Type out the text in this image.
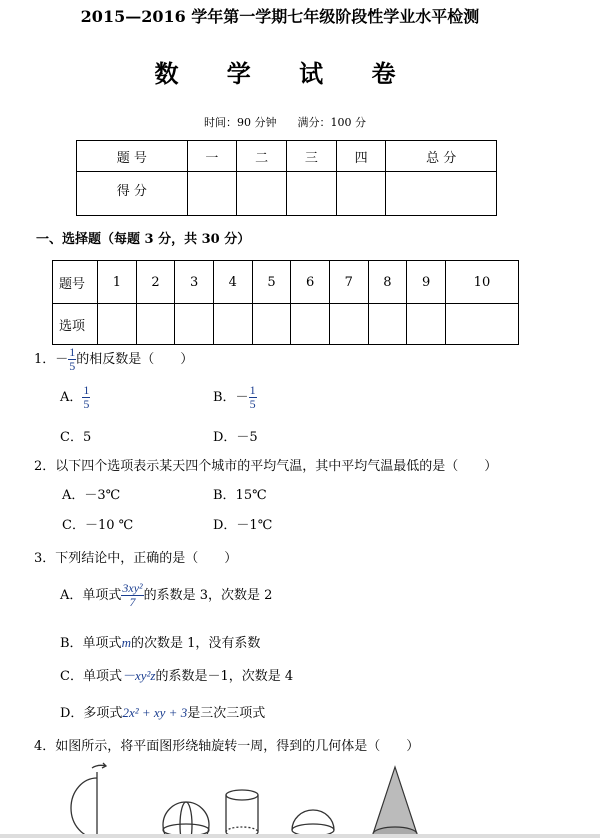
2015—2016 学年第一学期七年级阶段性学业水平检测
数 学 试 卷
时间：90 分钟 满分：100 分
题 号	一	二	三	四	总 分
得 分					
一、选择题（每题 3 分，共 30 分）
题号	1	2	3	4	5	6	7	8	9	10
选项										
1．－ $\frac{1}{5}$ 的相反数是（　　）
A． $\frac{1}{5}$	B．－ $\frac{1}{5}$
C．5	D．－5
2．以下四个选项表示某天四个城市的平均气温，其中平均气温最低的是（　　）
A．－3℃	B．15℃
C．－10 ℃	D．－1℃
3．下列结论中，正确的是（　　）
A．单项式 $\frac{\text{3xy²}}{7}$ 的系数是 3，次数是 2
B．单项式m的次数是 1，没有系数
C．单项式－xy²z的系数是－1，次数是 4
D．多项式2x² + xy + 3是三次三项式
4．如图所示，将平面图形绕轴旋转一周，得到的几何体是（　　）
